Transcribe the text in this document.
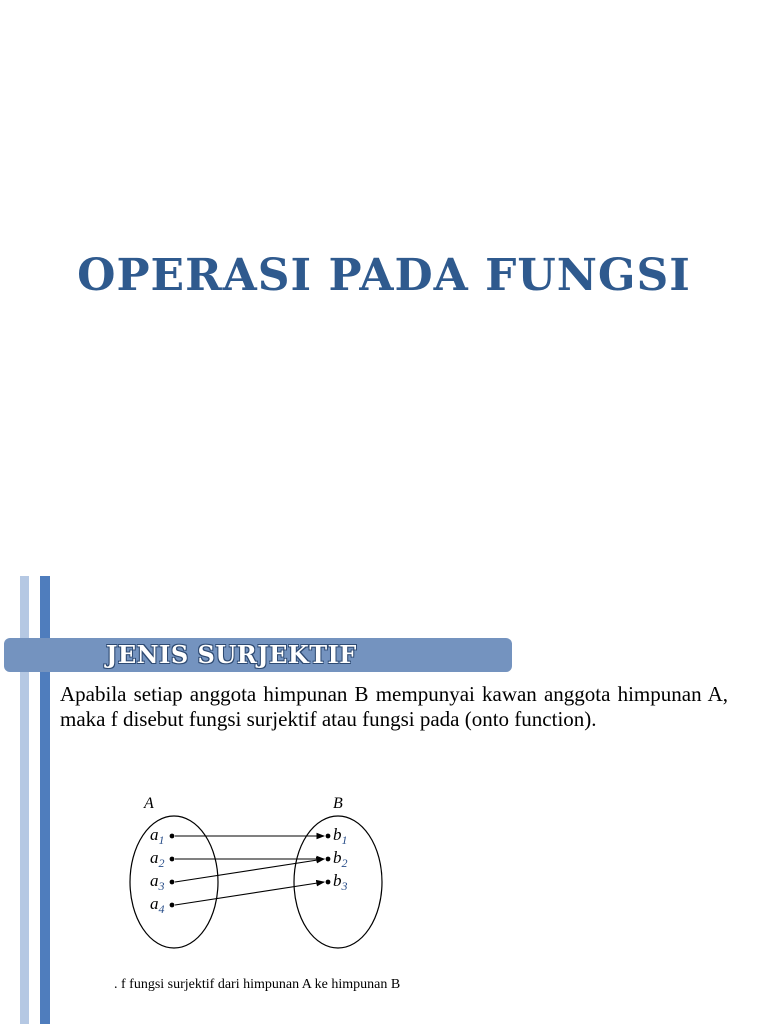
OPERASI PADA FUNGSI
JENIS SURJEKTIF

Apabila setiap anggota himpunan B mempunyai kawan anggota himpunan A, maka f disebut fungsi surjektif atau fungsi pada (onto function).

A	B
$a_1$
$a_2$
$a_3$
$a_4$
$b_1$
$b_2$
$b_3$
. f fungsi surjektif dari himpunan A ke himpunan B
